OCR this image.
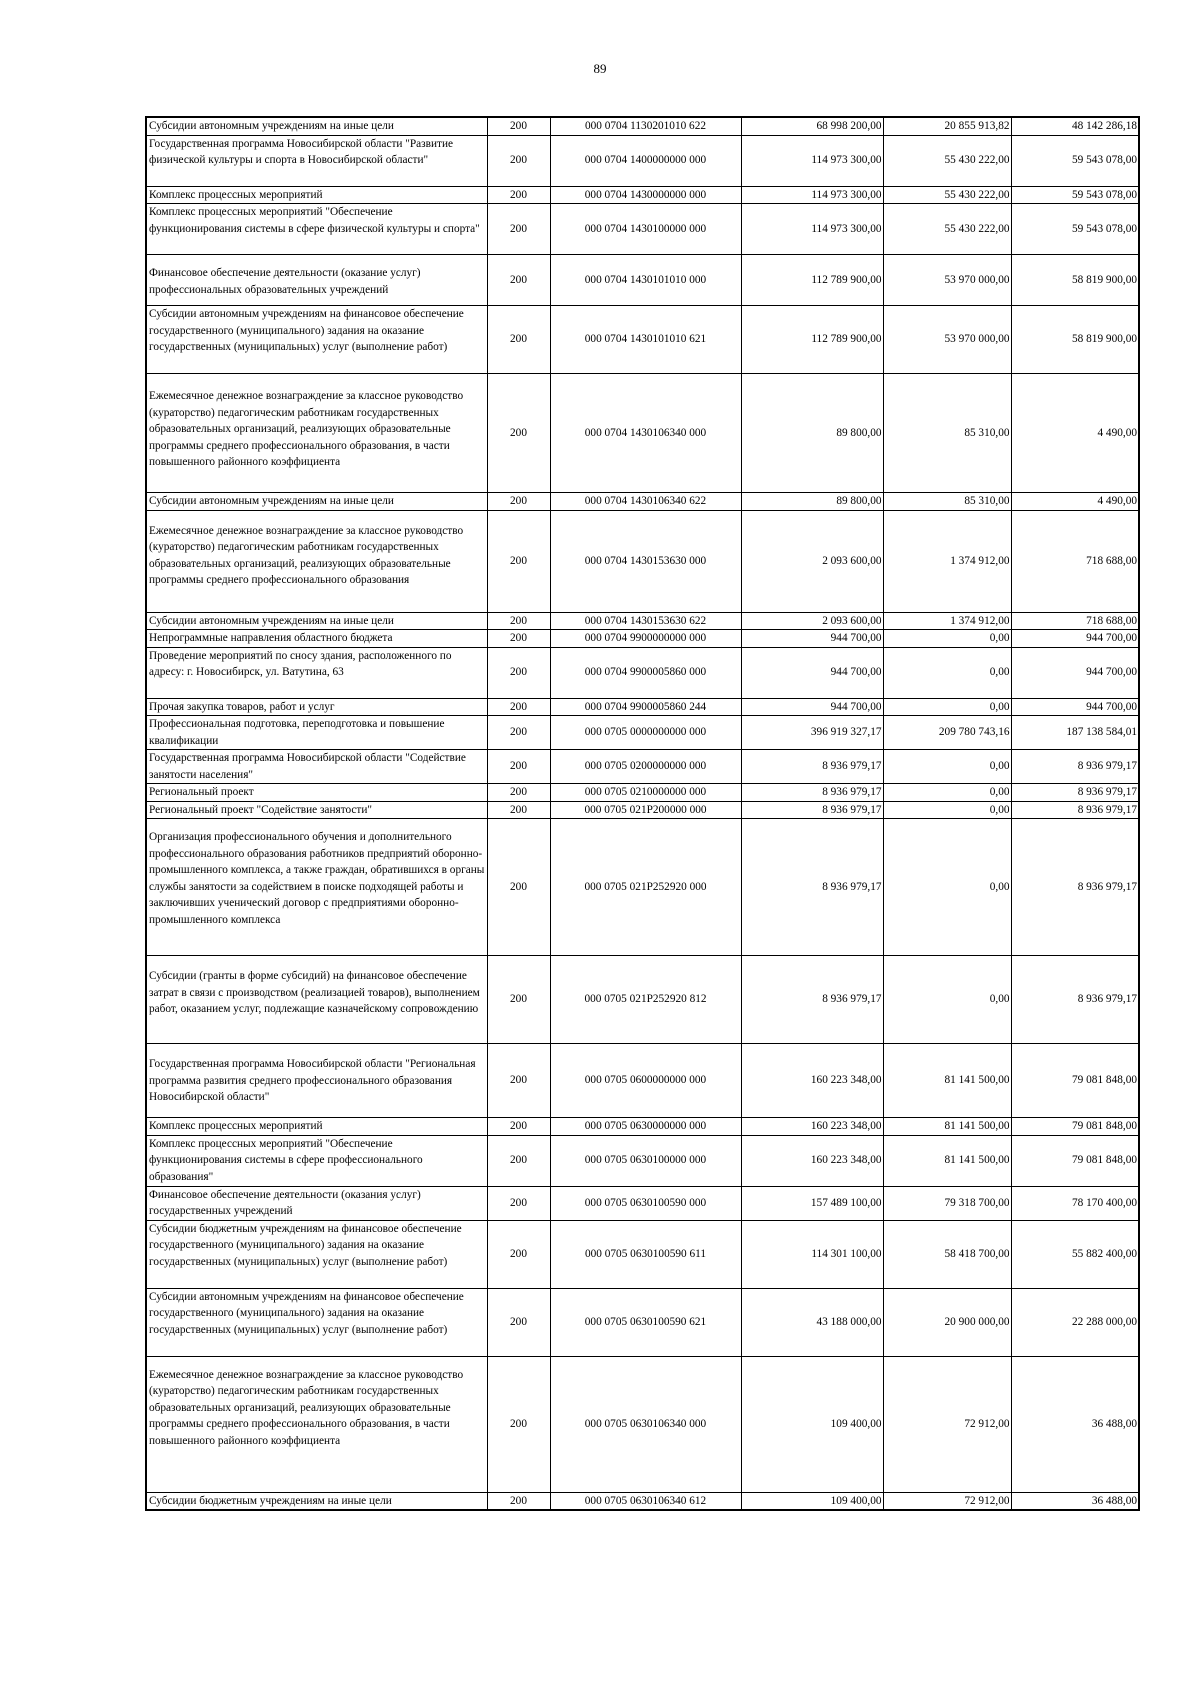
89
Субсидии автономным учреждениям на иные цели	200	000 0704 1130201010 622	68 998 200,00	20 855 913,82	48 142 286,18
Государственная программа Новосибирской области "Развитие физической культуры и спорта в Новосибирской области"	200	000 0704 1400000000 000	114 973 300,00	55 430 222,00	59 543 078,00
Комплекс процессных мероприятий	200	000 0704 1430000000 000	114 973 300,00	55 430 222,00	59 543 078,00
Комплекс процессных мероприятий "Обеспечение функционирования системы в сфере физической культуры и спорта"	200	000 0704 1430100000 000	114 973 300,00	55 430 222,00	59 543 078,00
Финансовое обеспечение деятельности (оказание услуг) профессиональных образовательных учреждений	200	000 0704 1430101010 000	112 789 900,00	53 970 000,00	58 819 900,00
Субсидии автономным учреждениям на финансовое обеспечение государственного (муниципального) задания на оказание государственных (муниципальных) услуг (выполнение работ)	200	000 0704 1430101010 621	112 789 900,00	53 970 000,00	58 819 900,00
Ежемесячное денежное вознаграждение за классное руководство (кураторство) педагогическим работникам государственных образовательных организаций, реализующих образовательные программы среднего профессионального образования, в части повышенного районного коэффициента	200	000 0704 1430106340 000	89 800,00	85 310,00	4 490,00
Субсидии автономным учреждениям на иные цели	200	000 0704 1430106340 622	89 800,00	85 310,00	4 490,00
Ежемесячное денежное вознаграждение за классное руководство (кураторство) педагогическим работникам государственных образовательных организаций, реализующих образовательные программы среднего профессионального образования	200	000 0704 1430153630 000	2 093 600,00	1 374 912,00	718 688,00
Субсидии автономным учреждениям на иные цели	200	000 0704 1430153630 622	2 093 600,00	1 374 912,00	718 688,00
Непрограммные направления областного бюджета	200	000 0704 9900000000 000	944 700,00	0,00	944 700,00
Проведение мероприятий по сносу здания, расположенного по адресу: г. Новосибирск, ул. Ватутина, 63	200	000 0704 9900005860 000	944 700,00	0,00	944 700,00
Прочая закупка товаров, работ и услуг	200	000 0704 9900005860 244	944 700,00	0,00	944 700,00
Профессиональная подготовка, переподготовка и повышение квалификации	200	000 0705 0000000000 000	396 919 327,17	209 780 743,16	187 138 584,01
Государственная программа Новосибирской области "Содействие занятости населения"	200	000 0705 0200000000 000	8 936 979,17	0,00	8 936 979,17
Региональный проект	200	000 0705 0210000000 000	8 936 979,17	0,00	8 936 979,17
Региональный проект "Содействие занятости"	200	000 0705 021P200000 000	8 936 979,17	0,00	8 936 979,17
Организация профессионального обучения и дополнительного профессионального образования работников предприятий оборонно-промышленного комплекса, а также граждан, обратившихся в органы службы занятости за содействием в поиске подходящей работы и заключивших ученический договор с предприятиями оборонно-промышленного комплекса	200	000 0705 021P252920 000	8 936 979,17	0,00	8 936 979,17
Субсидии (гранты в форме субсидий) на финансовое обеспечение затрат в связи с производством (реализацией товаров), выполнением работ, оказанием услуг, подлежащие казначейскому сопровождению	200	000 0705 021P252920 812	8 936 979,17	0,00	8 936 979,17
Государственная программа Новосибирской области "Региональная программа развития среднего профессионального образования Новосибирской области"	200	000 0705 0600000000 000	160 223 348,00	81 141 500,00	79 081 848,00
Комплекс процессных мероприятий	200	000 0705 0630000000 000	160 223 348,00	81 141 500,00	79 081 848,00
Комплекс процессных мероприятий "Обеспечение функционирования системы в сфере профессионального образования"	200	000 0705 0630100000 000	160 223 348,00	81 141 500,00	79 081 848,00
Финансовое обеспечение деятельности (оказания услуг) государственных учреждений	200	000 0705 0630100590 000	157 489 100,00	79 318 700,00	78 170 400,00
Субсидии бюджетным учреждениям на финансовое обеспечение государственного (муниципального) задания на оказание государственных (муниципальных) услуг (выполнение работ)	200	000 0705 0630100590 611	114 301 100,00	58 418 700,00	55 882 400,00
Субсидии автономным учреждениям на финансовое обеспечение государственного (муниципального) задания на оказание государственных (муниципальных) услуг (выполнение работ)	200	000 0705 0630100590 621	43 188 000,00	20 900 000,00	22 288 000,00
Ежемесячное денежное вознаграждение за классное руководство (кураторство) педагогическим работникам государственных образовательных организаций, реализующих образовательные программы среднего профессионального образования, в части повышенного районного коэффициента	200	000 0705 0630106340 000	109 400,00	72 912,00	36 488,00
Субсидии бюджетным учреждениям на иные цели	200	000 0705 0630106340 612	109 400,00	72 912,00	36 488,00
